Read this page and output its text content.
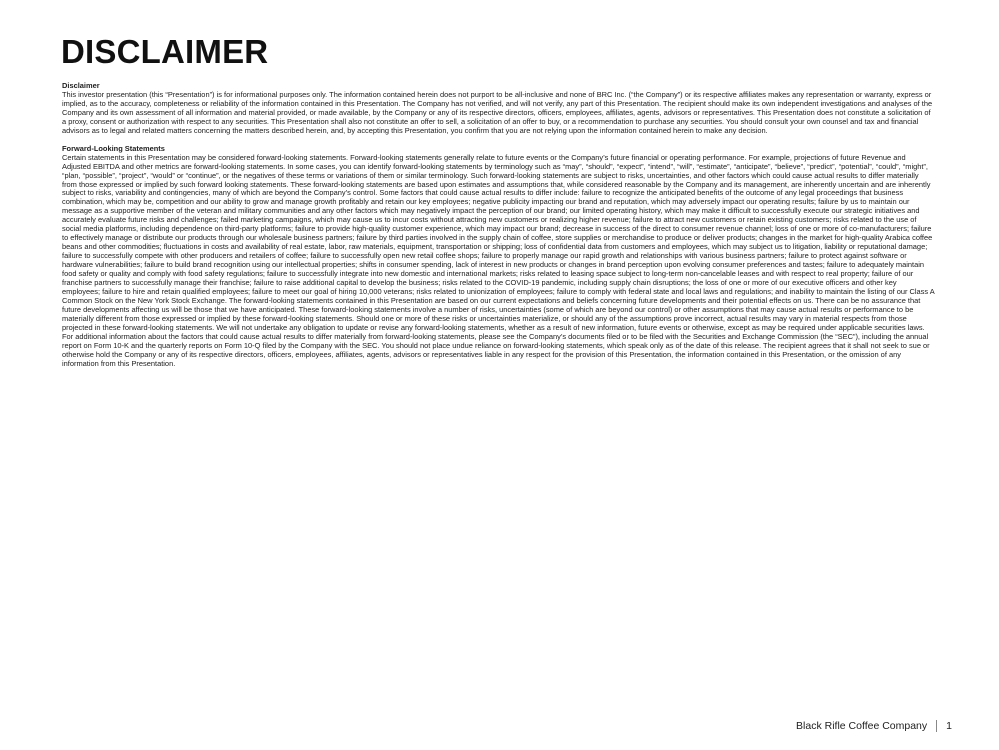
DISCLAIMER

Disclaimer

This investor presentation (this “Presentation”) is for informational purposes only. The information contained herein does not purport to be all-inclusive and none of BRC Inc. (“the Company”) or its respective affiliates makes any representation or warranty, express or implied, as to the accuracy, completeness or reliability of the information contained in this Presentation. The Company has not verified, and will not verify, any part of this Presentation. The recipient should make its own independent investigations and analyses of the Company and its own assessment of all information and material provided, or made available, by the Company or any of its respective directors, officers, employees, affiliates, agents, advisors or representatives. This Presentation does not constitute a solicitation of a proxy, consent or authorization with respect to any securities. This Presentation shall also not constitute an offer to sell, a solicitation of an offer to buy, or a recommendation to purchase any securities. You should consult your own counsel and tax and financial advisors as to legal and related matters concerning the matters described herein, and, by accepting this Presentation, you confirm that you are not relying upon the information contained herein to make any decision.

Forward-Looking Statements

Certain statements in this Presentation may be considered forward-looking statements. Forward-looking statements generally relate to future events or the Company’s future financial or operating performance. For example, projections of future Revenue and Adjusted EBITDA and other metrics are forward-looking statements. In some cases, you can identify forward-looking statements by terminology such as “may”, “should”, “expect”, “intend”, “will”, “estimate”, “anticipate”, “believe”, “predict”, “potential”, “could”, “might”, “plan, “possible”, “project”, “would” or “continue”, or the negatives of these terms or variations of them or similar terminology. Such forward-looking statements are subject to risks, uncertainties, and other factors which could cause actual results to differ materially from those expressed or implied by such forward looking statements. These forward-looking statements are based upon estimates and assumptions that, while considered reasonable by the Company and its management, are inherently uncertain and are inherently subject to risks, variability and contingencies, many of which are beyond the Company’s control. Some factors that could cause actual results to differ include: failure to recognize the anticipated benefits of the outcome of any legal proceedings that business combination, which may be, competition and our ability to grow and manage growth profitably and retain our key employees; negative publicity impacting our brand and reputation, which may adversely impact our operating results; failure by us to maintain our message as a supportive member of the veteran and military communities and any other factors which may negatively impact the perception of our brand; our limited operating history, which may make it difficult to successfully execute our strategic initiatives and accurately evaluate future risks and challenges; failed marketing campaigns, which may cause us to incur costs without attracting new customers or realizing higher revenue; failure to attract new customers or retain existing customers; risks related to the use of social media platforms, including dependence on third-party platforms; failure to provide high-quality customer experience, which may impact our brand; decrease in success of the direct to consumer revenue channel; loss of one or more of co-manufacturers; failure to effectively manage or distribute our products through our wholesale business partners; failure by third parties involved in the supply chain of coffee, store supplies or merchandise to produce or deliver products; changes in the market for high-quality Arabica coffee beans and other commodities; fluctuations in costs and availability of real estate, labor, raw materials, equipment, transportation or shipping; loss of confidential data from customers and employees, which may subject us to litigation, liability or reputational damage; failure to successfully compete with other producers and retailers of coffee; failure to successfully open new retail coffee shops; failure to properly manage our rapid growth and relationships with various business partners; failure to protect against software or hardware vulnerabilities; failure to build brand recognition using our intellectual properties; shifts in consumer spending, lack of interest in new products or changes in brand perception upon evolving consumer preferences and tastes; failure to adequately maintain food safety or quality and comply with food safety regulations; failure to successfully integrate into new domestic and international markets; risks related to leasing space subject to long-term non-cancelable leases and with respect to real property; failure of our franchise partners to successfully manage their franchise; failure to raise additional capital to develop the business; risks related to the COVID-19 pandemic, including supply chain disruptions; the loss of one or more of our executive officers and other key employees; failure to hire and retain qualified employees; failure to meet our goal of hiring 10,000 veterans; risks related to unionization of employees; failure to comply with federal state and local laws and regulations; and inability to maintain the listing of our Class A Common Stock on the New York Stock Exchange. The forward-looking statements contained in this Presentation are based on our current expectations and beliefs concerning future developments and their potential effects on us. There can be no assurance that future developments affecting us will be those that we have anticipated. These forward-looking statements involve a number of risks, uncertainties (some of which are beyond our control) or other assumptions that may cause actual results or performance to be materially different from those expressed or implied by these forward-looking statements. Should one or more of these risks or uncertainties materialize, or should any of the assumptions prove incorrect, actual results may vary in material respects from those projected in these forward-looking statements. We will not undertake any obligation to update or revise any forward-looking statements, whether as a result of new information, future events or otherwise, except as may be required under applicable securities laws. For additional information about the factors that could cause actual results to differ materially from forward-looking statements, please see the Company’s documents filed or to be filed with the Securities and Exchange Commission (the “SEC”), including the annual report on Form 10-K and the quarterly reports on Form 10-Q filed by the Company with the SEC. You should not place undue reliance on forward-looking statements, which speak only as of the date of this release. The recipient agrees that it shall not seek to sue or otherwise hold the Company or any of its respective directors, officers, employees, affiliates, agents, advisors or representatives liable in any respect for the provision of this Presentation, the information contained in this Presentation, or the omission of any information from this Presentation.

Black Rifle Coffee Company 1
